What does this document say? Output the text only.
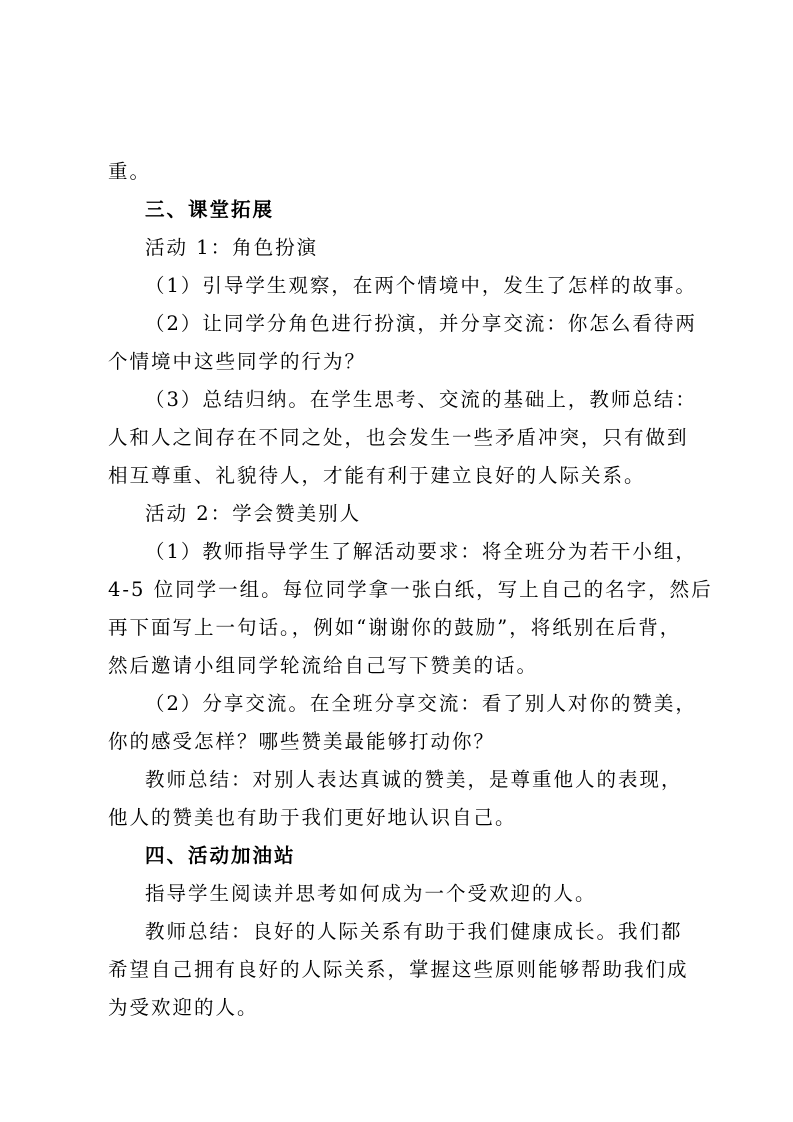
重。
三、课堂拓展
活动 1：角色扮演
（1）引导学生观察，在两个情境中，发生了怎样的故事。
（2）让同学分角色进行扮演，并分享交流：你怎么看待两
个情境中这些同学的行为？
（3）总结归纳。在学生思考、交流的基础上，教师总结：
人和人之间存在不同之处，也会发生一些矛盾冲突，只有做到
相互尊重、礼貌待人，才能有利于建立良好的人际关系。
活动 2：学会赞美别人
（1）教师指导学生了解活动要求：将全班分为若干小组，
4-5 位同学一组。每位同学拿一张白纸，写上自己的名字，然后
再下面写上一句话。，例如“谢谢你的鼓励”，将纸别在后背，
然后邀请小组同学轮流给自己写下赞美的话。
（2）分享交流。在全班分享交流：看了别人对你的赞美，
你的感受怎样？哪些赞美最能够打动你？
教师总结：对别人表达真诚的赞美，是尊重他人的表现，
他人的赞美也有助于我们更好地认识自己。
四、活动加油站
指导学生阅读并思考如何成为一个受欢迎的人。
教师总结：良好的人际关系有助于我们健康成长。我们都
希望自己拥有良好的人际关系，掌握这些原则能够帮助我们成
为受欢迎的人。
